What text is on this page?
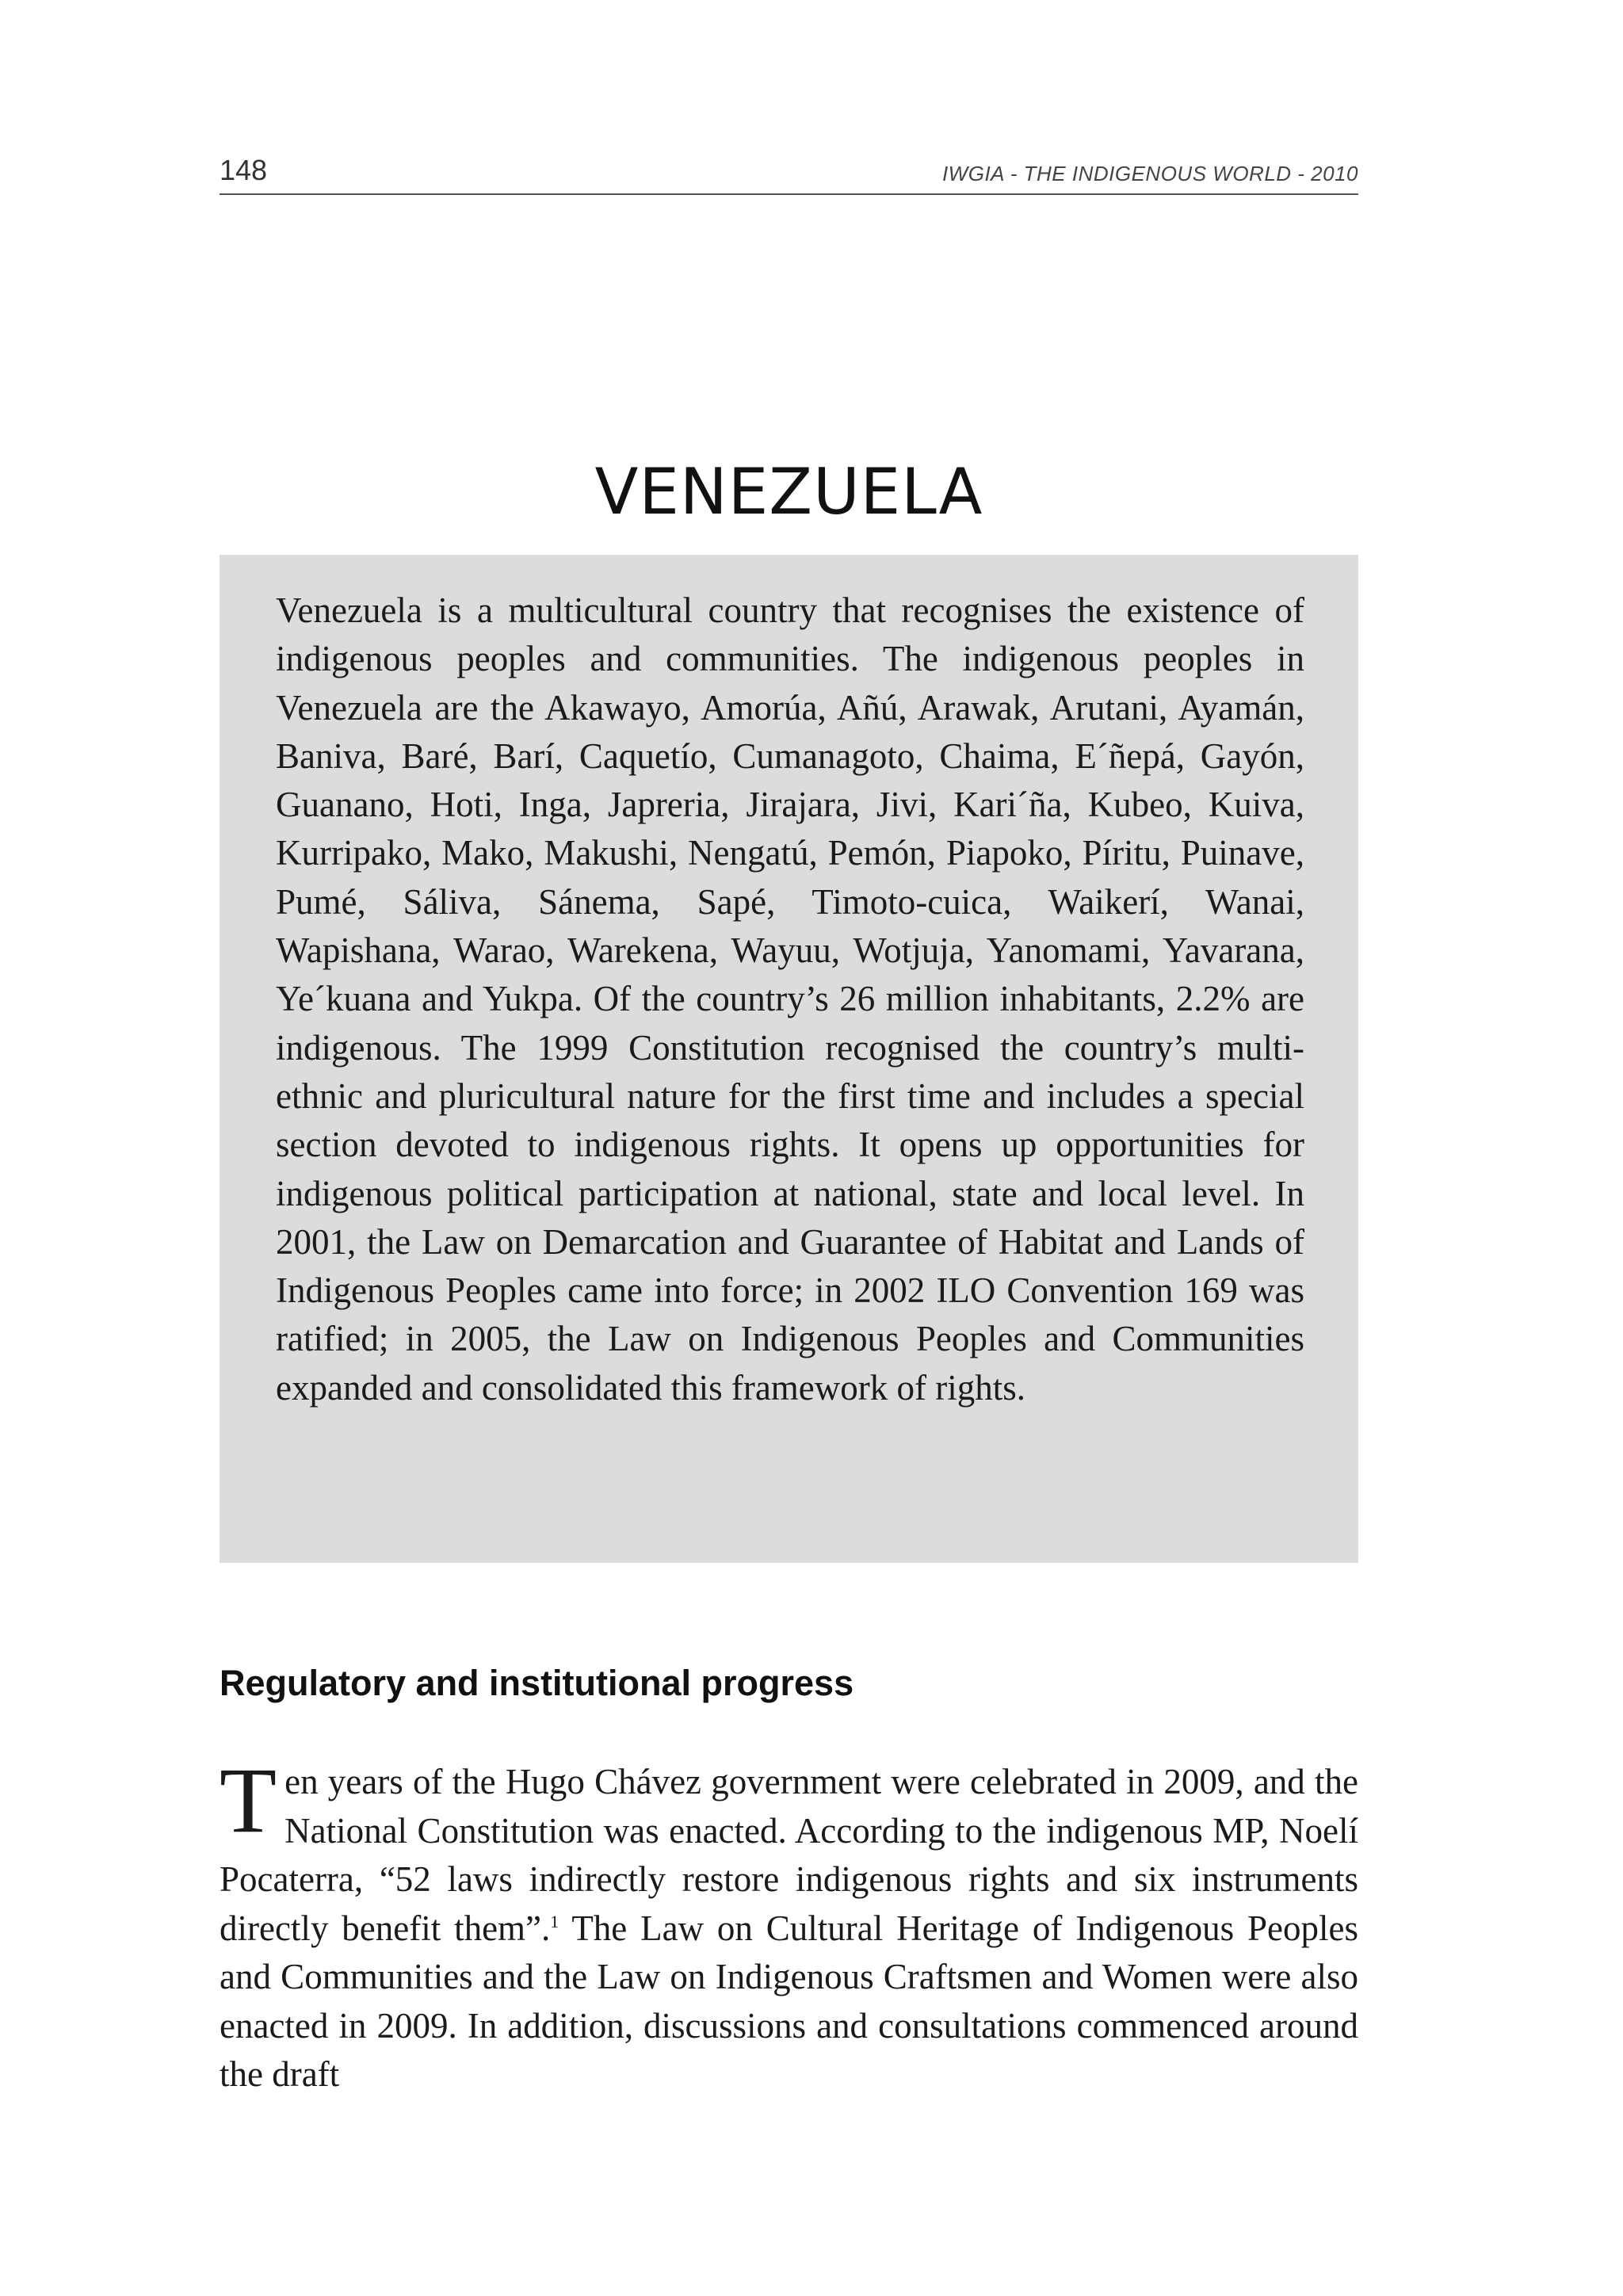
148	IWGIA - THE INDIGENOUS WORLD - 2010
VENEZUELA

Venezuela is a multicultural country that recognises the existence of indigenous peoples and communities. The indigenous peoples in Venezuela are the Akawayo, Amorúa, Añú, Arawak, Arutani, Ayamán, Baniva, Baré, Barí, Caquetío, Cumanagoto, Chaima, E´ñepá, Gayón, Guanano, Hoti, Inga, Japreria, Jirajara, Jivi, Kari´ña, Kubeo, Kuiva, Kurripako, Mako, Makushi, Nengatú, Pemón, Piapoko, Píritu, Puinave, Pumé, Sáliva, Sánema, Sapé, Timoto-cuica, Waikerí, Wanai, Wapishana, Warao, Warekena, Wayuu, Wotjuja, Yanomami, Yavarana, Ye´kuana and Yukpa. Of the country’s 26 million inhabitants, 2.2% are indigenous. The 1999 Constitution recognised the country’s multi-ethnic and pluricultural nature for the first time and includes a special section devoted to indigenous rights. It opens up opportunities for indigenous political participation at national, state and local level. In 2001, the Law on Demarcation and Guarantee of Habitat and Lands of Indigenous Peoples came into force; in 2002 ILO Convention 169 was ratified; in 2005, the Law on Indigenous Peoples and Communities expanded and consolidated this framework of rights.

Regulatory and institutional progress

Ten years of the Hugo Chávez government were celebrated in 2009, and the National Constitution was enacted. According to the indigenous MP, Noelí Pocaterra, “52 laws indirectly restore indigenous rights and six instruments directly benefit them”.$^1$ The Law on Cultural Heritage of Indigenous Peoples and Communities and the Law on Indigenous Craftsmen and Women were also enacted in 2009. In addition, discussions and consultations commenced around the draft
